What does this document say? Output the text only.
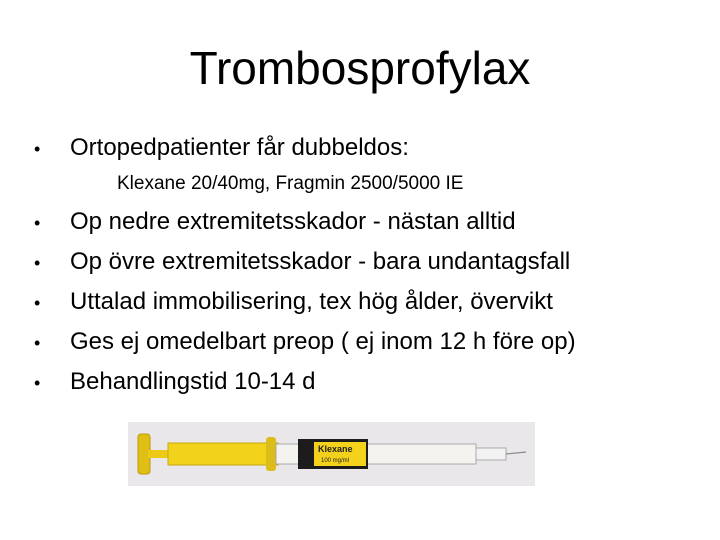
Trombosprofylax
• Ortopedpatienter får dubbeldos:
Klexane 20/40mg, Fragmin 2500/5000 IE
• Op nedre extremitetsskador - nästan alltid
• Op övre extremitetsskador - bara undantagsfall
• Uttalad immobilisering, tex hög ålder, övervikt
• Ges ej omedelbart preop ( ej inom 12 h före op)
• Behandlingstid 10-14 d
Klexane
100 mg/ml
